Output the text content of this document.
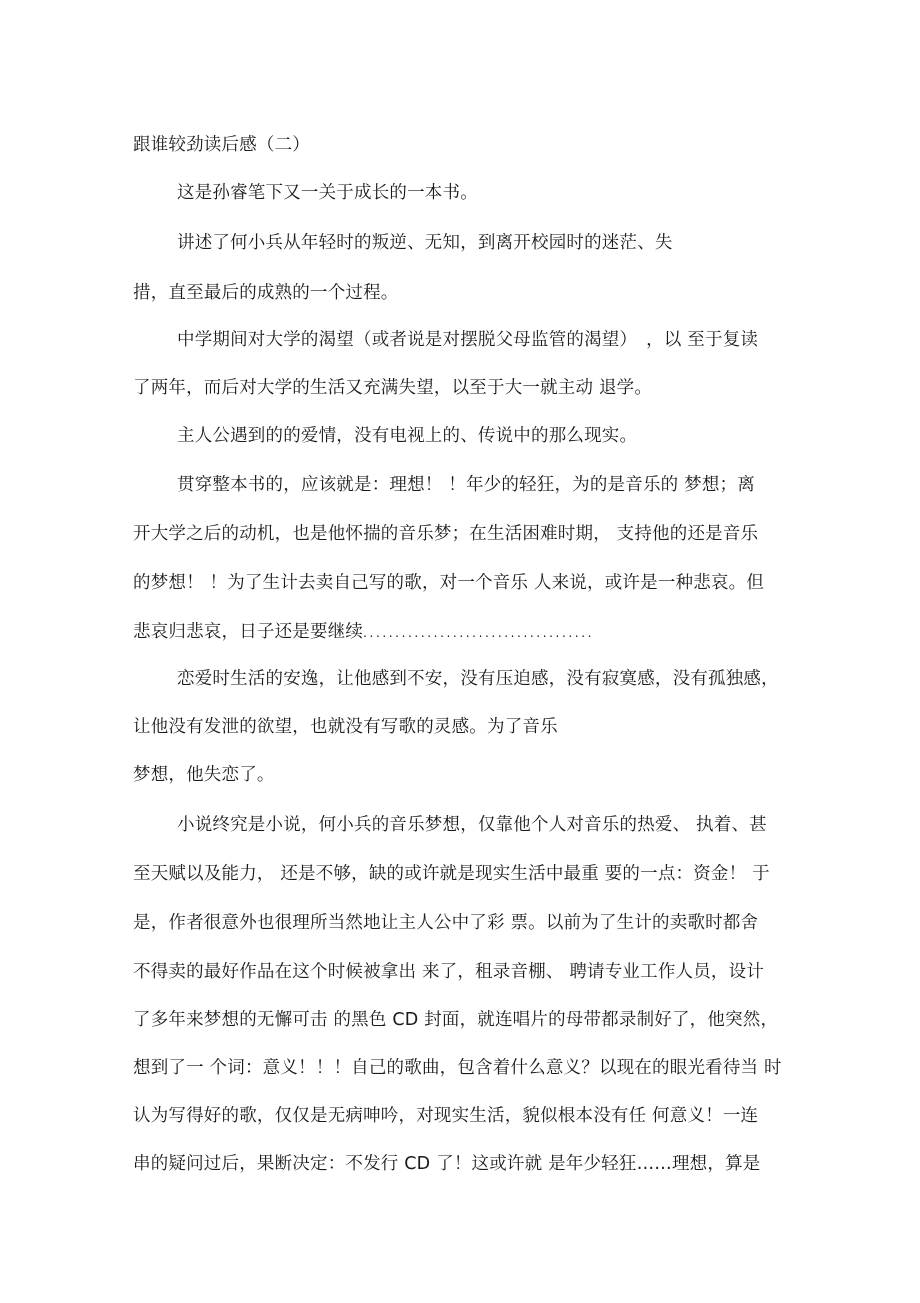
跟谁较劲读后感（二）
这是孙睿笔下又一关于成长的一本书。
讲述了何小兵从年轻时的叛逆、无知，到离开校园时的迷茫、失
措，直至最后的成熟的一个过程。
中学期间对大学的渴望（或者说是对摆脱父母监管的渴望）　，以 至于复读
了两年，而后对大学的生活又充满失望，以至于大一就主动 退学。
主人公遇到的的爱情，没有电视上的、传说中的那么现实。
贯穿整本书的，应该就是：理想！ ！年少的轻狂，为的是音乐的 梦想；离
开大学之后的动机，也是他怀揣的音乐梦；在生活困难时期， 支持他的还是音乐
的梦想！ ！为了生计去卖自己写的歌，对一个音乐 人来说，或许是一种悲哀。但
悲哀归悲哀，日子还是要继续....................................
恋爱时生活的安逸，让他感到不安，没有压迫感，没有寂寞感，没有孤独感，
让他没有发泄的欲望，也就没有写歌的灵感。为了音乐
梦想，他失恋了。
小说终究是小说，何小兵的音乐梦想，仅靠他个人对音乐的热爱、 执着、甚
至天赋以及能力， 还是不够，缺的或许就是现实生活中最重 要的一点：资金！ 于
是，作者很意外也很理所当然地让主人公中了彩 票。以前为了生计的卖歌时都舍
不得卖的最好作品在这个时候被拿出 来了，租录音棚、 聘请专业工作人员，设计
了多年来梦想的无懈可击 的黑色 CD 封面，就连唱片的母带都录制好了，他突然，
想到了一 个词：意义！！！自己的歌曲，包含着什么意义？以现在的眼光看待当 时
认为写得好的歌，仅仅是无病呻吟，对现实生活，貌似根本没有任 何意义！一连
串的疑问过后，果断决定：不发行 CD 了！这或许就 是年少轻狂……理想，算是
